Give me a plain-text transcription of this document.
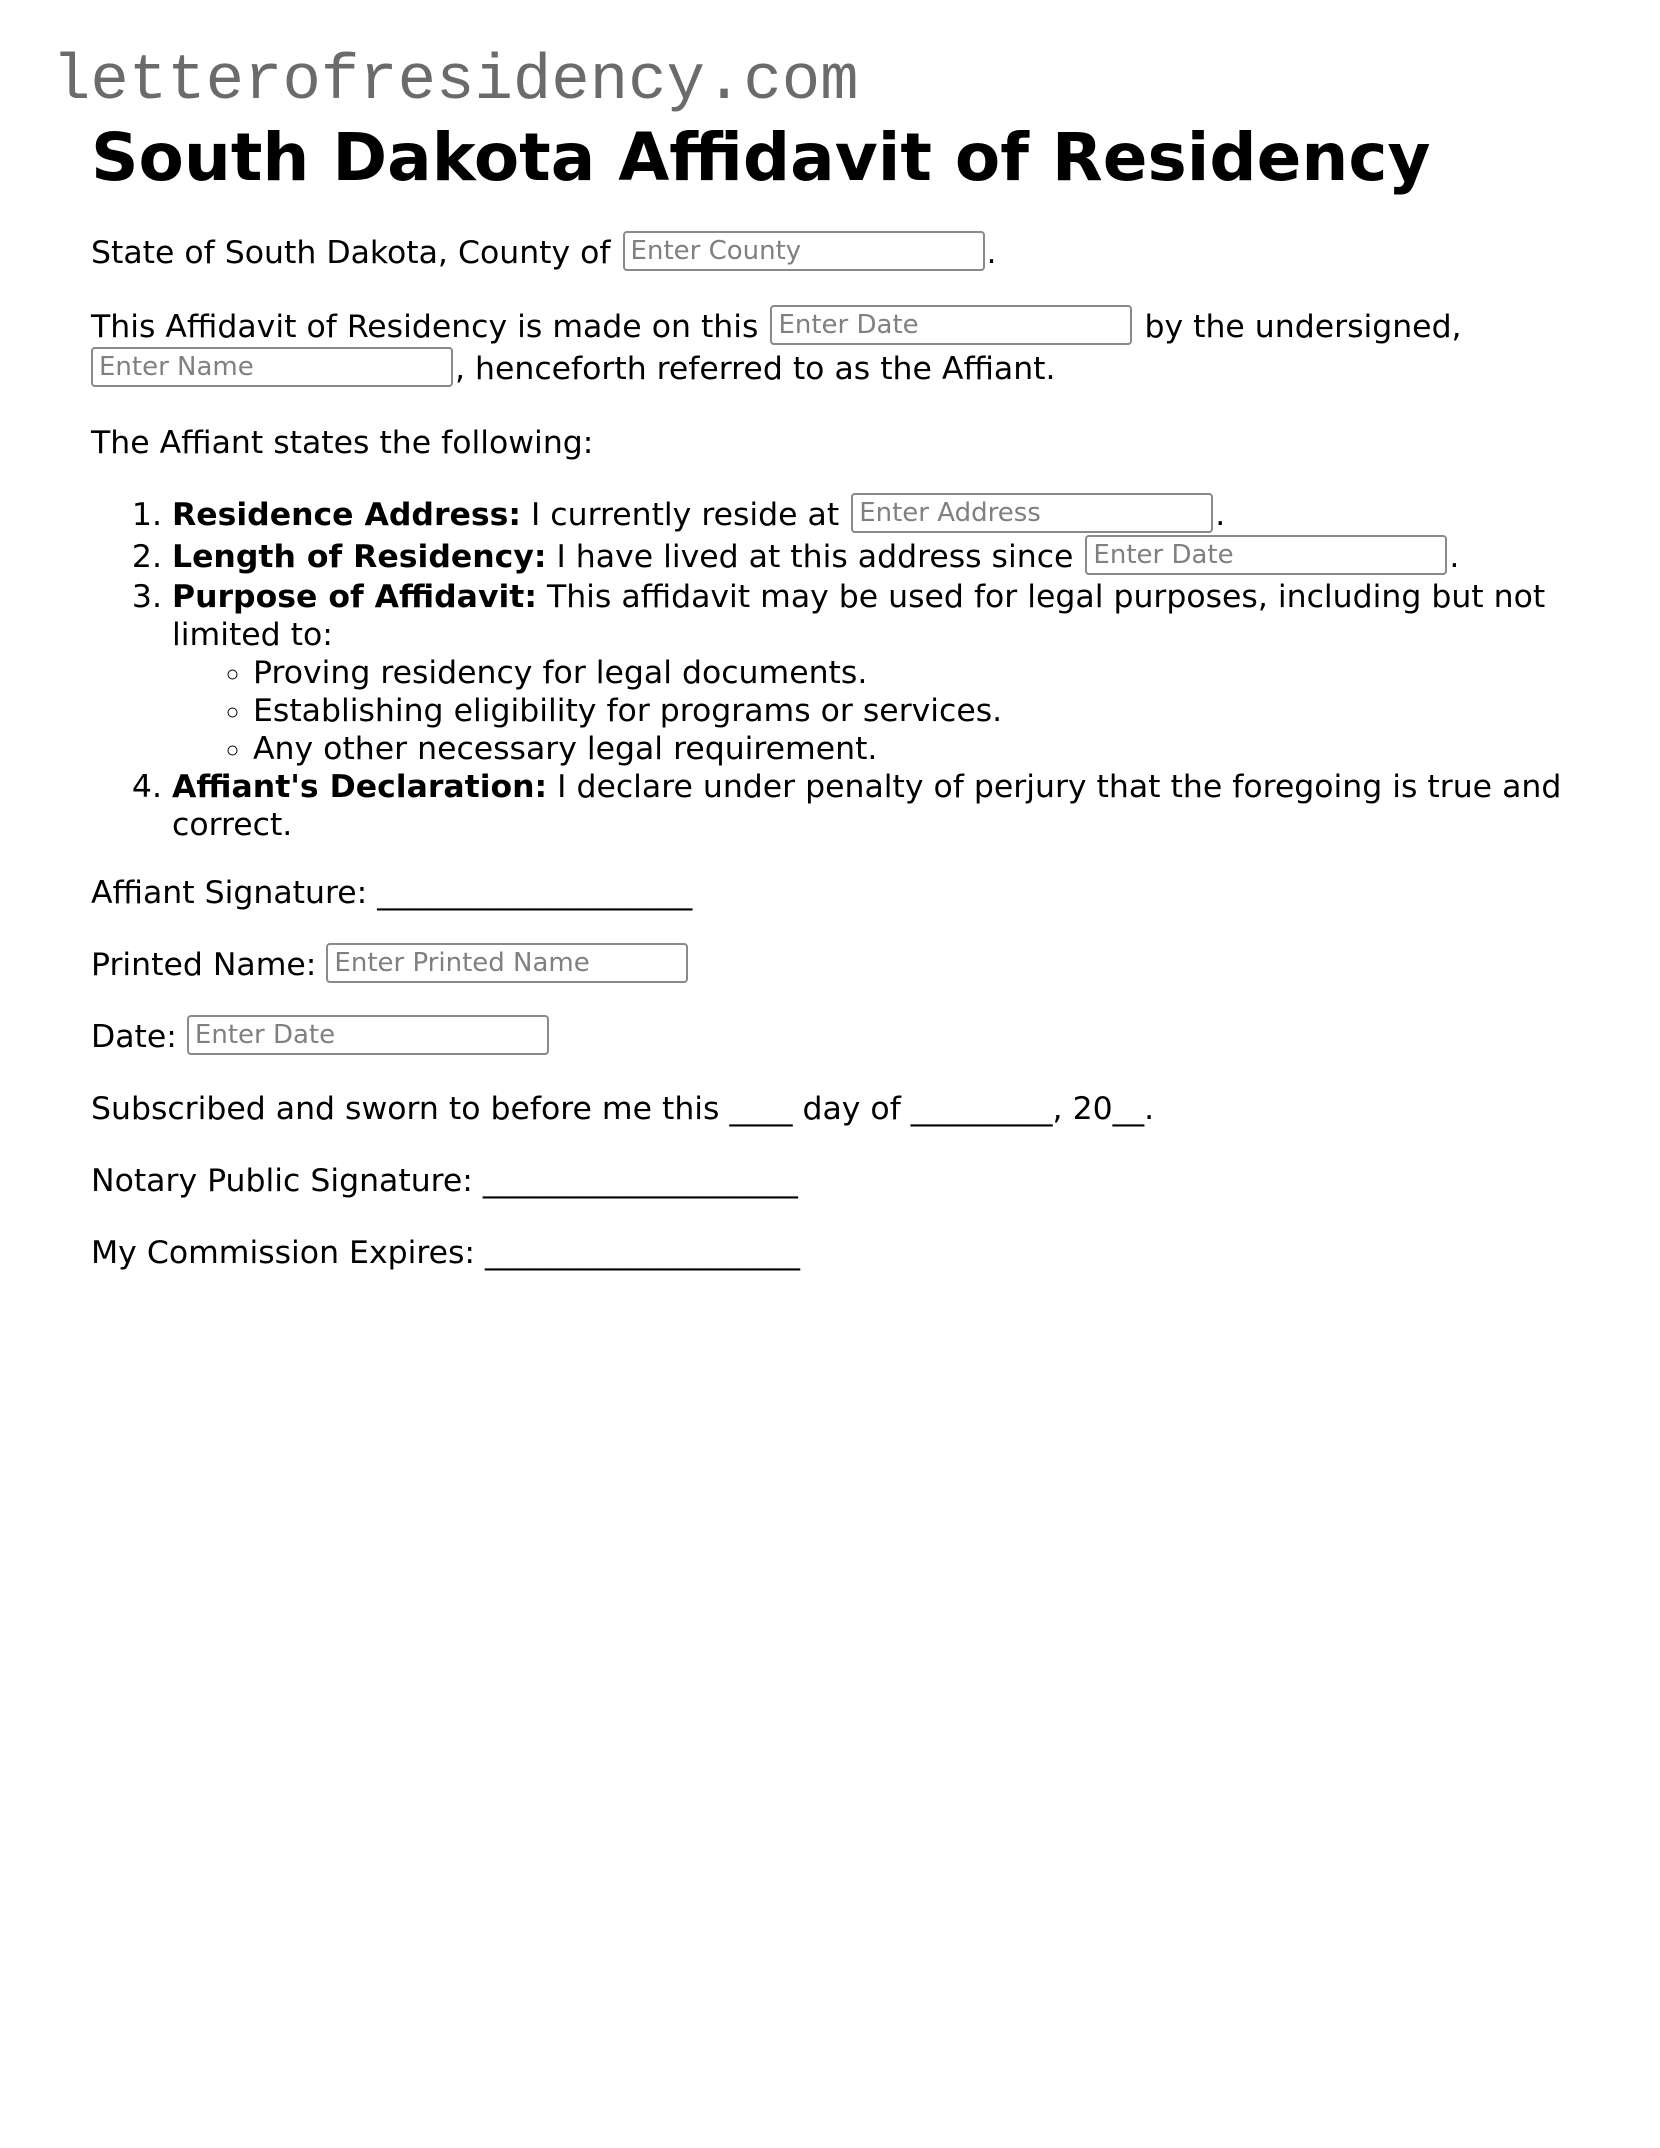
letterofresidency.com
South Dakota Affidavit of Residency

State of South Dakota, County of Enter County	.

This Affidavit of Residency is made on this Enter Date	by the undersigned, Enter Name, henceforth referred to as the Affiant.

The Affiant states the following:

1. Residence Address: I currently reside at Enter Address	.
2. Length of Residency: I have lived at this address since Enter Date	.
3. Purpose of Affidavit: This affidavit may be used for legal purposes, including but not limited to:
◦ Proving residency for legal documents.
◦ Establishing eligibility for programs or services.
◦ Any other necessary legal requirement.
4. Affiant's Declaration: I declare under penalty of perjury that the foregoing is true and correct.

Affiant Signature: ____________________

Printed Name: Enter Printed Name

Date: Enter Date

Subscribed and sworn to before me this ____ day of _________, 20__.

Notary Public Signature: ____________________

My Commission Expires: ____________________
